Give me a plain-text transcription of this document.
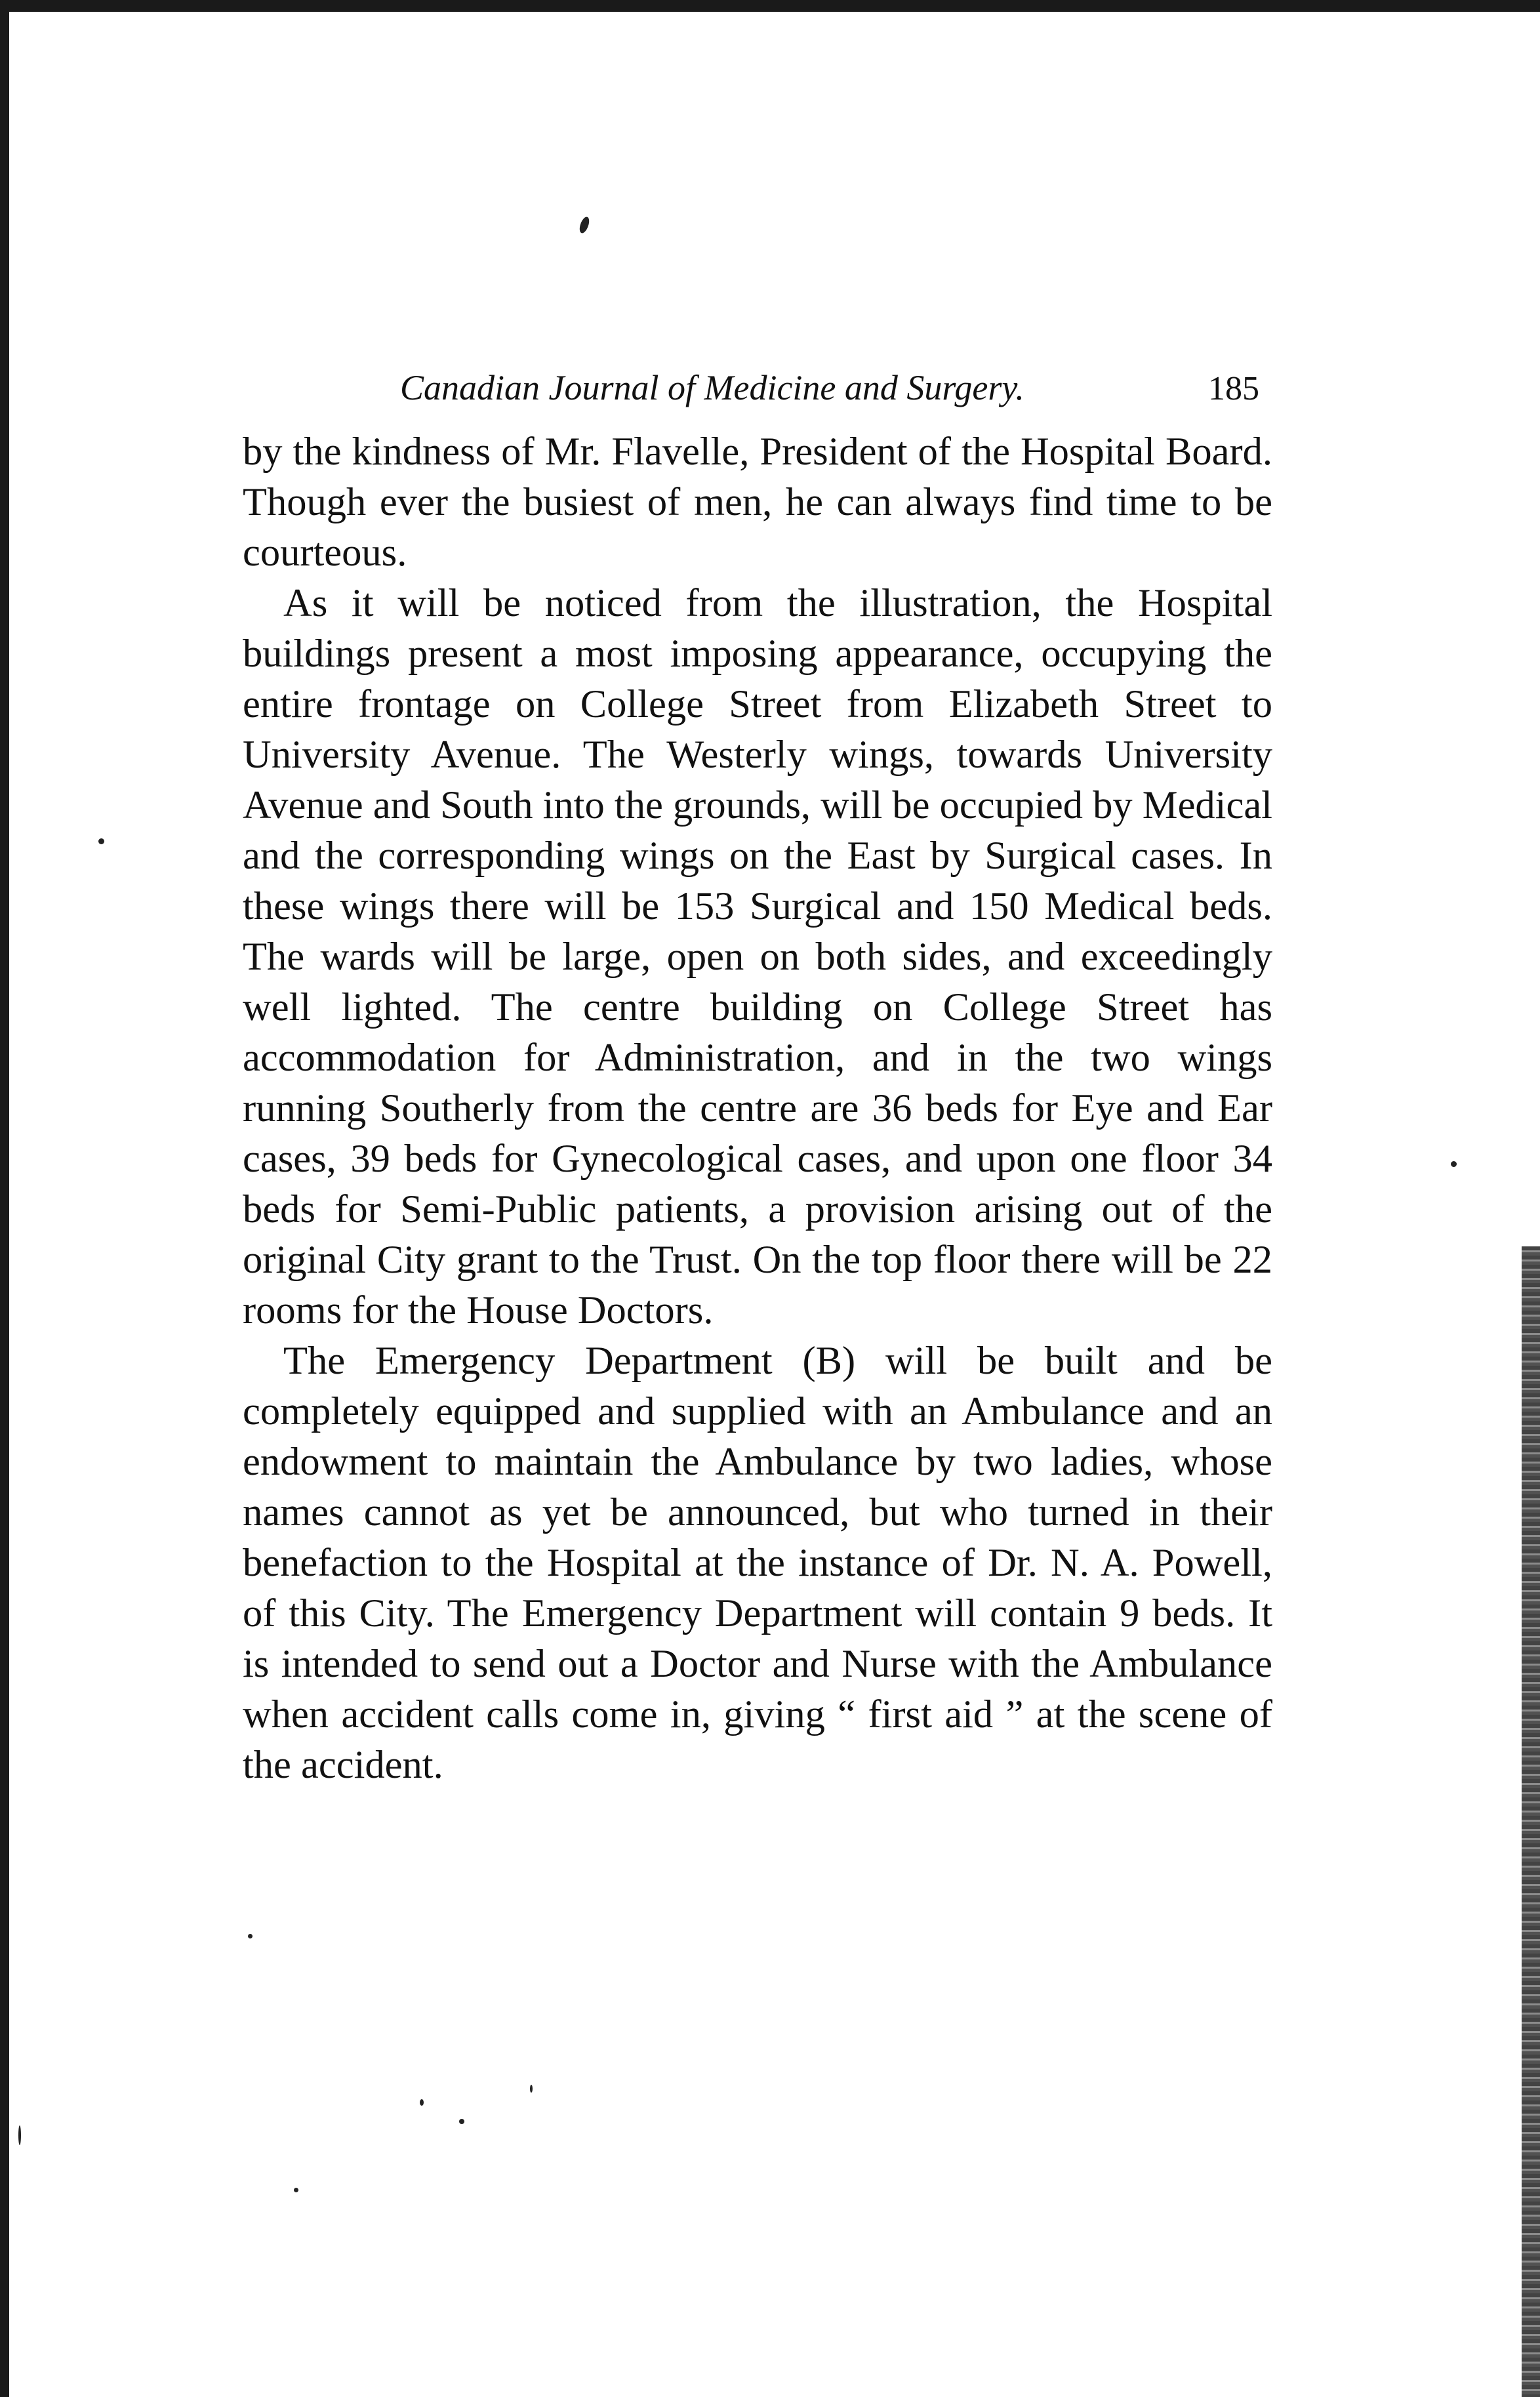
Canadian Journal of Medicine and Surgery.	185

by the kindness of Mr. Flavelle, President of the Hospital Board. Though ever the busiest of men, he can always find time to be courteous.

As it will be noticed from the illustration, the Hospital buildings present a most imposing appearance, occupying the entire frontage on College Street from Elizabeth Street to University Avenue. The Westerly wings, towards University Avenue and South into the grounds, will be occupied by Medical and the corresponding wings on the East by Surgical cases. In these wings there will be 153 Surgical and 150 Medical beds. The wards will be large, open on both sides, and exceedingly well lighted. The centre building on College Street has accommodation for Administration, and in the two wings running Southerly from the centre are 36 beds for Eye and Ear cases, 39 beds for Gynecological cases, and upon one floor 34 beds for Semi-Public patients, a provision arising out of the original City grant to the Trust. On the top floor there will be 22 rooms for the House Doctors.

The Emergency Department (B) will be built and be completely equipped and supplied with an Ambulance and an endowment to maintain the Ambulance by two ladies, whose names cannot as yet be announced, but who turned in their benefaction to the Hospital at the instance of Dr. N. A. Powell, of this City. The Emergency Department will contain 9 beds. It is intended to send out a Doctor and Nurse with the Ambulance when accident calls come in, giving “ first aid ” at the scene of the accident.
